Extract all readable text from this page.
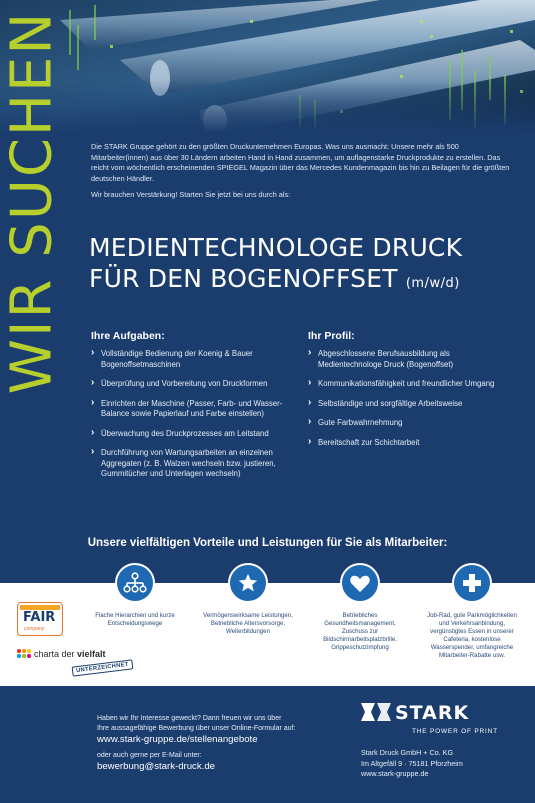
WIR SUCHEN	Die STARK Gruppe gehört zu den größten Druckunternehmen Europas. Was uns ausmacht: Unsere mehr als 500 Mitarbeiter(innen) aus über 30 Ländern arbeiten Hand in Hand zusammen, um auflagenstarke Druckprodukte zu erstellen. Das reicht vom wöchentlich erscheinenden SPIEGEL Magazin über das Mercedes Kundenmagazin bis hin zu Beilagen für die größten deutschen Händler.

Wir brauchen Verstärkung! Starten Sie jetzt bei uns durch als:

MEDIENTECHNOLOGE DRUCK
FÜR DEN BOGENOFFSET (m/w/d)
Ihre Aufgaben:
› Vollständige Bedienung der Koenig & Bauer Bogenoffsetmaschinen
› Überprüfung und Vorbereitung von Druckformen
› Einrichten der Maschine (Passer, Farb- und Wasser-Balance sowie Papierlauf und Farbe einstellen)
› Überwachung des Druckprozesses am Leitstand
› Durchführung von Wartungsarbeiten an einzelnen Aggregaten (z. B. Walzen wechseln bzw. justieren, Gummitücher und Unterlagen wechseln)
Ihr Profil:
› Abgeschlossene Berufsausbildung als Medientechnologe Druck (Bogenoffset)
› Kommunikationsfähigkeit und freundlicher Umgang
› Selbständige und sorgfältige Arbeitsweise
› Gute Farbwahrnehmung
› Bereitschaft zur Schichtarbeit
Unsere vielfältigen Vorteile und Leistungen für Sie als Mitarbeiter:
Flache Hierarchien und kurze Entscheidungswege
Vermögenswirksame Leistungen, Betriebliche Altersvorsorge, Weiterbildungen
Betriebliches Gesundheitsmanagement, Zuschuss zur Bildschirmarbeitsplatzbrille, Grippeschutzimpfung
Job-Rad, gute Parkmöglichkeiten und Verkehrsanbindung, vergünstigtes Essen in unserer Cafeteria, kostenlose Wasserspender, umfangreiche Mitarbeiter-Rabatte usw.
FAIR
company
charta der vielfalt
UNTERZEICHNET
Haben wir Ihr Interesse geweckt? Dann freuen wir uns über
Ihre aussagefähige Bewerbung über unser Online-Formular auf:
www.stark-gruppe.de/stellenangebote
oder auch gerne per E-Mail unter:
bewerbung@stark-druck.de
STARK
THE POWER OF PRINT
Stark Druck GmbH + Co. KG
Im Altgefäll 9 · 75181 Pforzheim
www.stark-gruppe.de
